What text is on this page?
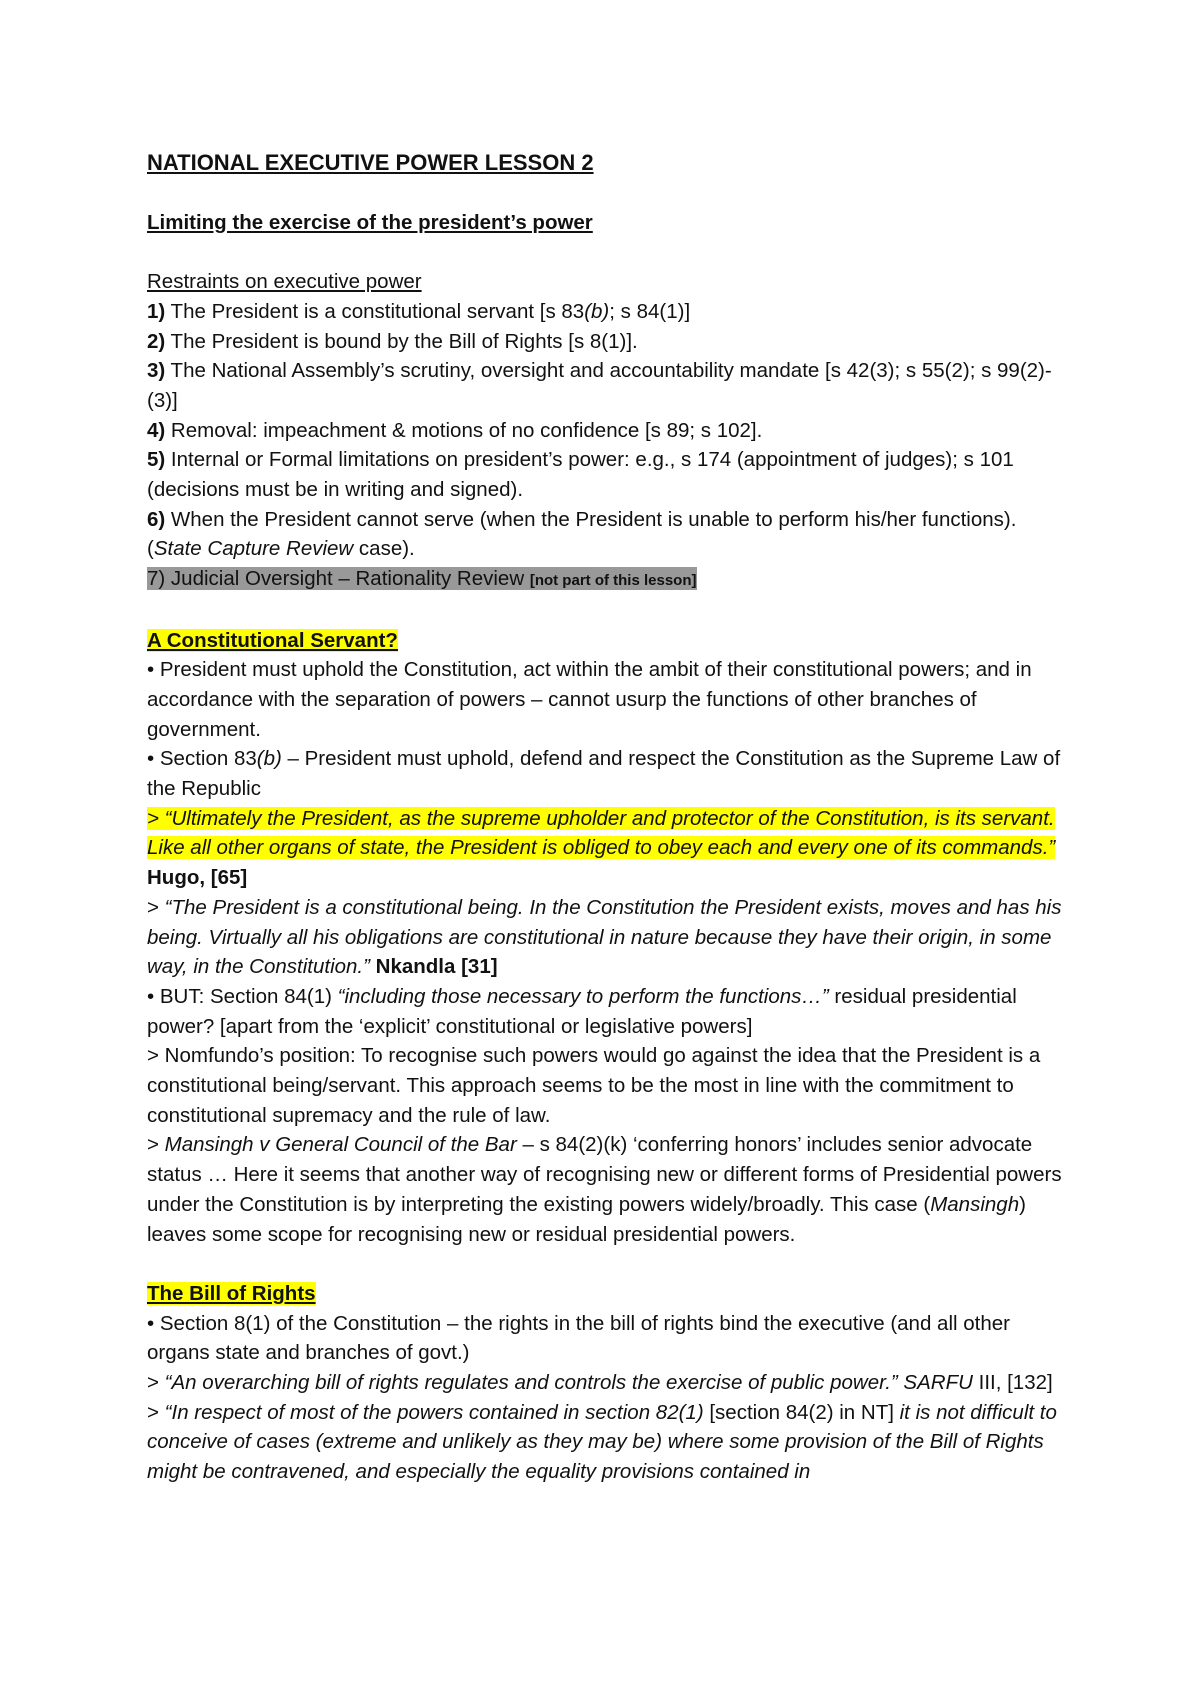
NATIONAL EXECUTIVE POWER LESSON 2

Limiting the exercise of the president’s power

Restraints on executive power

1) The President is a constitutional servant [s 83(b); s 84(1)]

2) The President is bound by the Bill of Rights [s 8(1)].

3) The National Assembly’s scrutiny, oversight and accountability mandate [s 42(3); s 55(2); s 99(2)-(3)]

4) Removal: impeachment & motions of no confidence [s 89; s 102].

5) Internal or Formal limitations on president’s power: e.g., s 174 (appointment of judges); s 101 (decisions must be in writing and signed).

6) When the President cannot serve (when the President is unable to perform his/her functions). (State Capture Review case).

7) Judicial Oversight – Rationality Review [not part of this lesson]

A Constitutional Servant?

• President must uphold the Constitution, act within the ambit of their constitutional powers; and in accordance with the separation of powers – cannot usurp the functions of other branches of government.

• Section 83(b) – President must uphold, defend and respect the Constitution as the Supreme Law of the Republic

> “Ultimately the President, as the supreme upholder and protector of the Constitution, is its servant. Like all other organs of state, the President is obliged to obey each and every one of its commands.” Hugo, [65]

> “The President is a constitutional being. In the Constitution the President exists, moves and has his being. Virtually all his obligations are constitutional in nature because they have their origin, in some way, in the Constitution.” Nkandla [31]

• BUT: Section 84(1) “including those necessary to perform the functions…” residual presidential power? [apart from the ‘explicit’ constitutional or legislative powers]

> Nomfundo’s position: To recognise such powers would go against the idea that the President is a constitutional being/servant. This approach seems to be the most in line with the commitment to constitutional supremacy and the rule of law.

> Mansingh v General Council of the Bar – s 84(2)(k) ‘conferring honors’ includes senior advocate status … Here it seems that another way of recognising new or different forms of Presidential powers under the Constitution is by interpreting the existing powers widely/broadly. This case (Mansingh) leaves some scope for recognising new or residual presidential powers.

The Bill of Rights

• Section 8(1) of the Constitution – the rights in the bill of rights bind the executive (and all other organs state and branches of govt.)

> “An overarching bill of rights regulates and controls the exercise of public power.” SARFU III, [132]

> “In respect of most of the powers contained in section 82(1) [section 84(2) in NT] it is not difficult to conceive of cases (extreme and unlikely as they may be) where some provision of the Bill of Rights might be contravened, and especially the equality provisions contained in
